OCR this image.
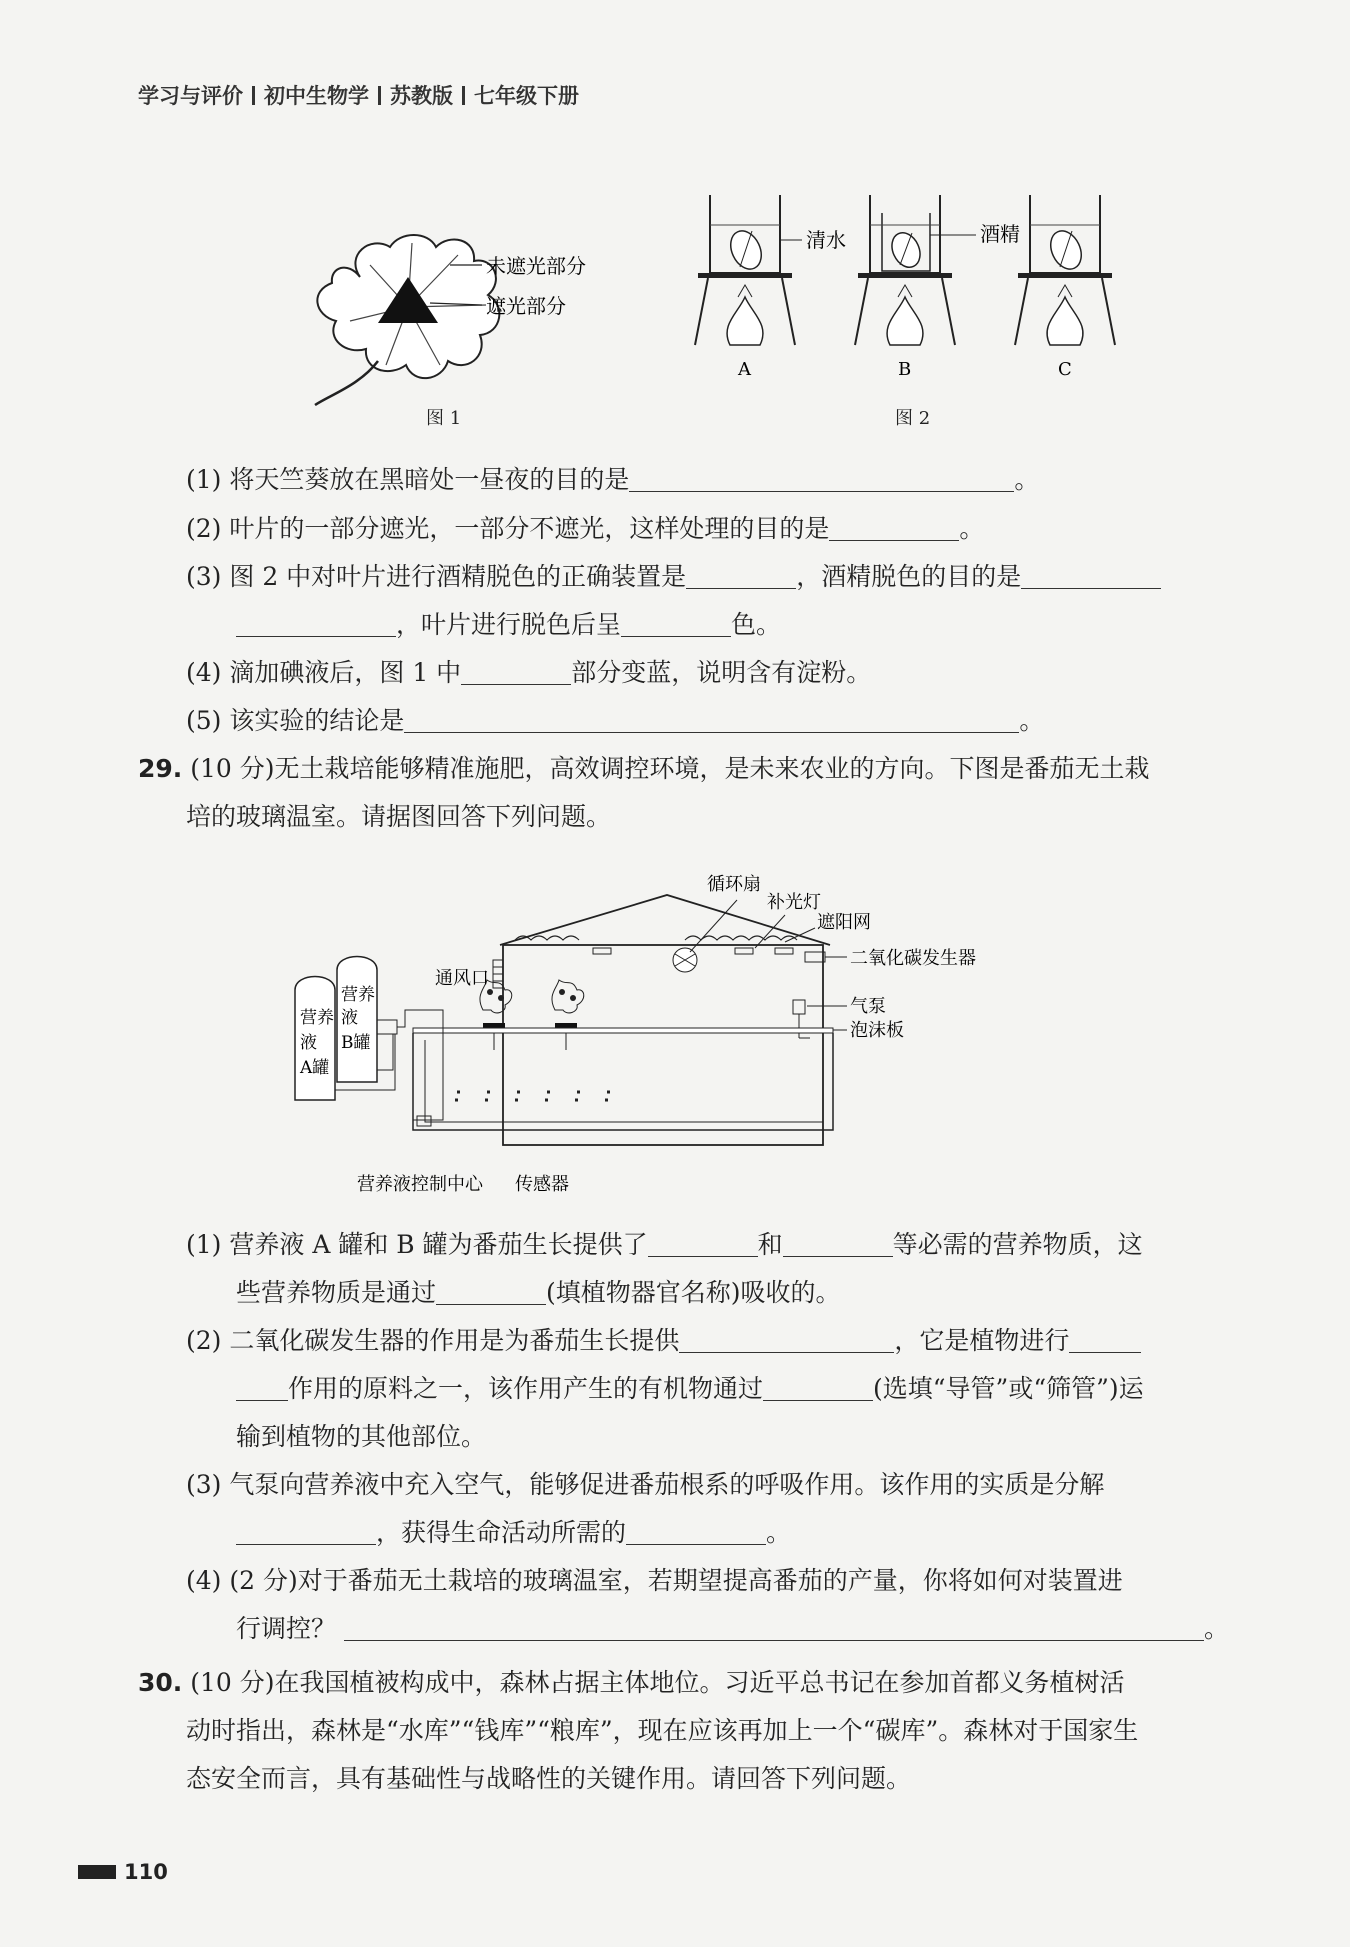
学习与评价 初中生物学 苏教版 七年级下册
未遮光部分
遮光部分
图 1
A
清水
B
酒精
C
图 2
(1) 将天竺葵放在黑暗处一昼夜的目的是	。
(2) 叶片的一部分遮光，一部分不遮光，这样处理的目的是	。
(3) 图 2 中对叶片进行酒精脱色的正确装置是	，酒精脱色的目的是
，叶片进行脱色后呈	色。
(4) 滴加碘液后，图 1 中	部分变蓝，说明含有淀粉。
(5) 该实验的结论是	。
29. (10 分)无土栽培能够精准施肥，高效调控环境，是未来农业的方向。下图是番茄无土栽
培的玻璃温室。请据图回答下列问题。
循环扇
补光灯
遮阳网
通风口
二氧化碳发生器
气泵
泡沫板
营养
液
A罐
营养
液
B罐
营养液控制中心 传感器
(1) 营养液 A 罐和 B 罐为番茄生长提供了	和	等必需的营养物质，这
些营养物质是通过	(填植物器官名称)吸收的。
(2) 二氧化碳发生器的作用是为番茄生长提供	，它是植物进行
作用的原料之一，该作用产生的有机物通过	(选填“导管”或“筛管”)运
输到植物的其他部位。
(3) 气泵向营养液中充入空气，能够促进番茄根系的呼吸作用。该作用的实质是分解
，获得生命活动所需的	。
(4) (2 分)对于番茄无土栽培的玻璃温室，若期望提高番茄的产量，你将如何对装置进
行调控？	。
30. (10 分)在我国植被构成中，森林占据主体地位。习近平总书记在参加首都义务植树活
动时指出，森林是“水库”“钱库”“粮库”，现在应该再加上一个“碳库”。森林对于国家生
态安全而言，具有基础性与战略性的关键作用。请回答下列问题。
110
